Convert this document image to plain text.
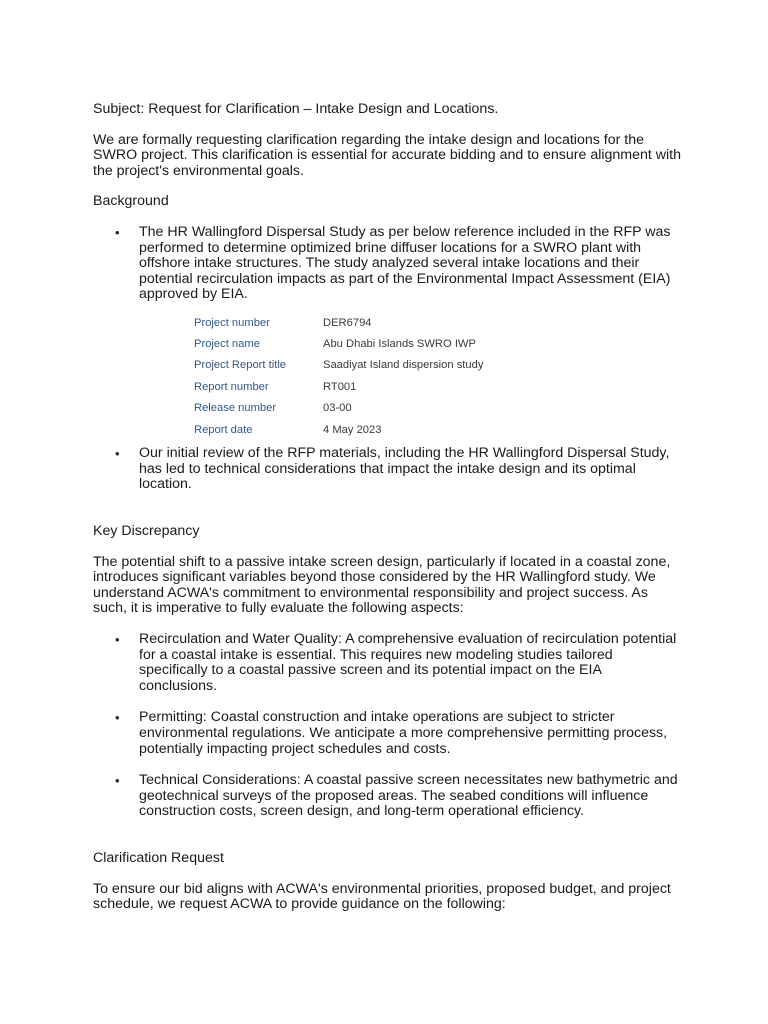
Subject: Request for Clarification – Intake Design and Locations.

We are formally requesting clarification regarding the intake design and locations for the SWRO project. This clarification is essential for accurate bidding and to ensure alignment with the project's environmental goals.

Background

• The HR Wallingford Dispersal Study as per below reference included in the RFP was performed to determine optimized brine diffuser locations for a SWRO plant with offshore intake structures. The study analyzed several intake locations and their potential recirculation impacts as part of the Environmental Impact Assessment (EIA) approved by EIA.
Project number	DER6794
Project name	Abu Dhabi Islands SWRO IWP
Project Report title	Saadiyat Island dispersion study
Report number	RT001
Release number	03-00
Report date	4 May 2023
• Our initial review of the RFP materials, including the HR Wallingford Dispersal Study, has led to technical considerations that impact the intake design and its optimal location.

Key Discrepancy

The potential shift to a passive intake screen design, particularly if located in a coastal zone, introduces significant variables beyond those considered by the HR Wallingford study. We understand ACWA's commitment to environmental responsibility and project success. As such, it is imperative to fully evaluate the following aspects:

• Recirculation and Water Quality: A comprehensive evaluation of recirculation potential for a coastal intake is essential. This requires new modeling studies tailored specifically to a coastal passive screen and its potential impact on the EIA conclusions.
• Permitting: Coastal construction and intake operations are subject to stricter environmental regulations. We anticipate a more comprehensive permitting process, potentially impacting project schedules and costs.
• Technical Considerations: A coastal passive screen necessitates new bathymetric and geotechnical surveys of the proposed areas. The seabed conditions will influence construction costs, screen design, and long-term operational efficiency.

Clarification Request

To ensure our bid aligns with ACWA's environmental priorities, proposed budget, and project schedule, we request ACWA to provide guidance on the following:
